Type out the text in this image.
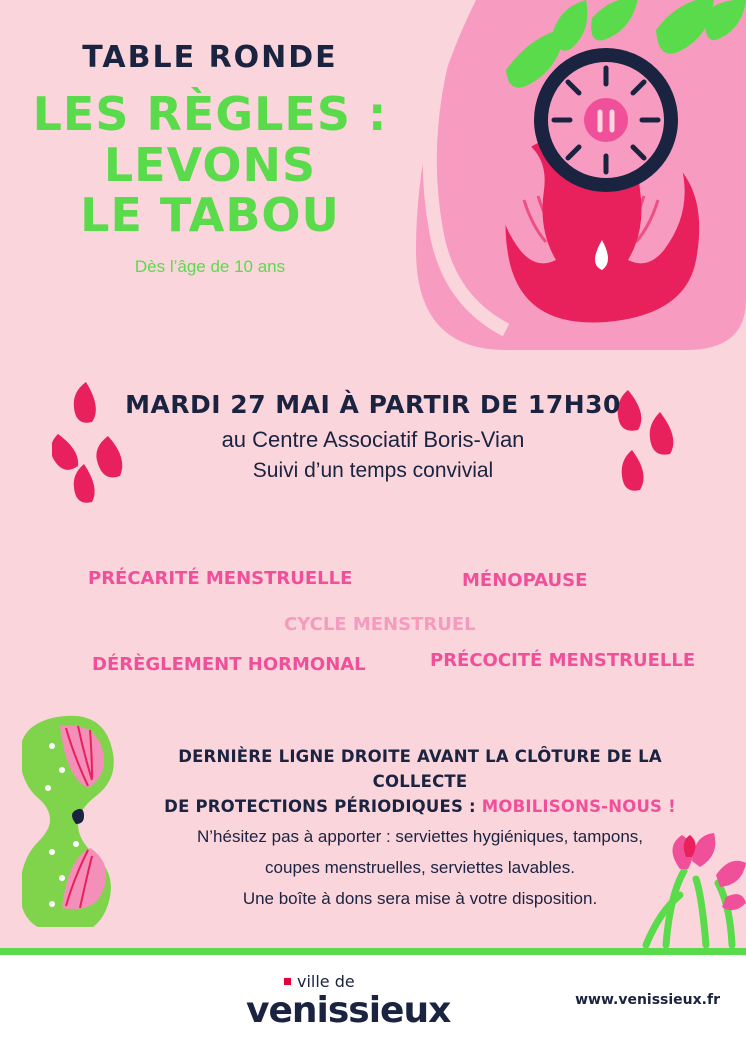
TABLE RONDE
LES RÈGLES :
LEVONS
LE TABOU
Dès l’âge de 10 ans
MARDI 27 MAI À PARTIR DE 17H30
au Centre Associatif Boris-Vian
Suivi d’un temps convivial
PRÉCARITÉ MENSTRUELLE	MÉNOPAUSE
CYCLE MENSTRUEL
DÉRÈGLEMENT HORMONAL	PRÉCOCITÉ MENSTRUELLE
DERNIÈRE LIGNE DROITE AVANT LA CLÔTURE DE LA COLLECTE
DE PROTECTIONS PÉRIODIQUES : MOBILISONS-NOUS !
N’hésitez pas à apporter : serviettes hygiéniques, tampons,
coupes menstruelles, serviettes lavables.
Une boîte à dons sera mise à votre disposition.
ville de
venissieux	www.venissieux.fr
